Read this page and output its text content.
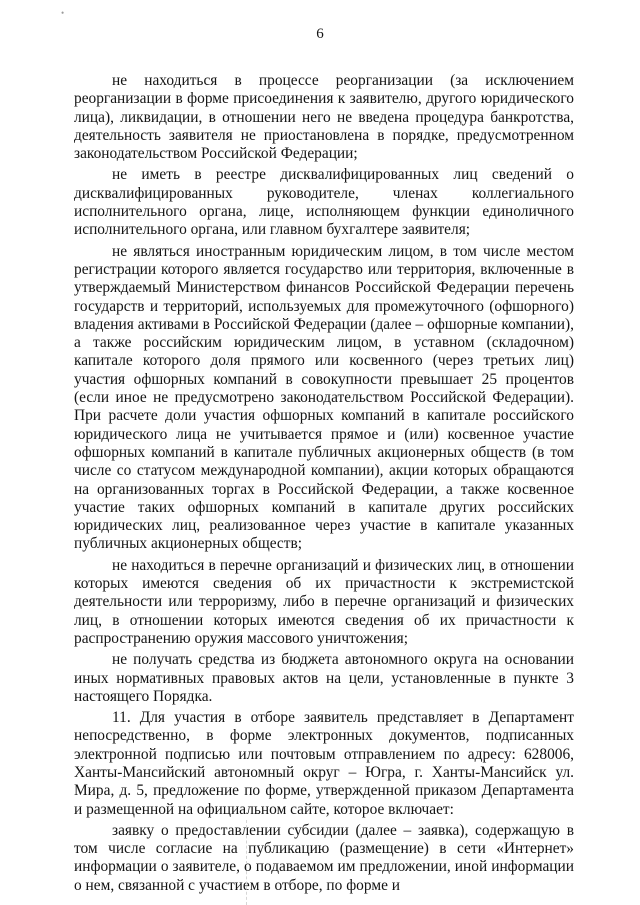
•
6

не находиться в процессе реорганизации (за исключением реорганизации в форме присоединения к заявителю, другого юридического лица), ликвидации, в отношении него не введена процедура банкротства, деятельность заявителя не приостановлена в порядке, предусмотренном законодательством Российской Федерации;

не иметь в реестре дисквалифицированных лиц сведений о дисквалифицированных руководителе, членах коллегиального исполнительного органа, лице, исполняющем функции единоличного исполнительного органа, или главном бухгалтере заявителя;

не являться иностранным юридическим лицом, в том числе местом регистрации которого является государство или территория, включенные в утверждаемый Министерством финансов Российской Федерации перечень государств и территорий, используемых для промежуточного (офшорного) владения активами в Российской Федерации (далее – офшорные компании), а также российским юридическим лицом, в уставном (складочном) капитале которого доля прямого или косвенного (через третьих лиц) участия офшорных компаний в совокупности превышает 25 процентов (если иное не предусмотрено законодательством Российской Федерации). При расчете доли участия офшорных компаний в капитале российского юридического лица не учитывается прямое и (или) косвенное участие офшорных компаний в капитале публичных акционерных обществ (в том числе со статусом международной компании), акции которых обращаются на организованных торгах в Российской Федерации, а также косвенное участие таких офшорных компаний в капитале других российских юридических лиц, реализованное через участие в капитале указанных публичных акционерных обществ;

не находиться в перечне организаций и физических лиц, в отношении которых имеются сведения об их причастности к экстремистской деятельности или терроризму, либо в перечне организаций и физических лиц, в отношении которых имеются сведения об их причастности к распространению оружия массового уничтожения;

не получать средства из бюджета автономного округа на основании иных нормативных правовых актов на цели, установленные в пункте 3 настоящего Порядка.

11. Для участия в отборе заявитель представляет в Департамент непосредственно, в форме электронных документов, подписанных электронной подписью или почтовым отправлением по адресу: 628006, Ханты-Мансийский автономный округ – Югра, г. Ханты-Мансийск ул. Мира, д. 5, предложение по форме, утвержденной приказом Департамента и размещенной на официальном сайте, которое включает:

заявку о предоставлении субсидии (далее – заявка), содержащую в том числе согласие на публикацию (размещение) в сети «Интернет» информации о заявителе, о подаваемом им предложении, иной информации о нем, связанной с участием в отборе, по форме и
